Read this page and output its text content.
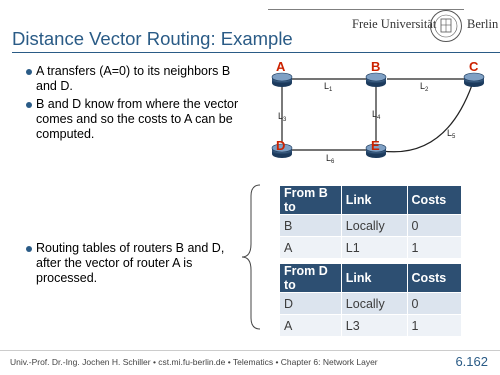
Freie Universität Berlin
Distance Vector Routing: Example
A transfers (A=0) to its neighbors B and D.
B and D know from where the vector comes and so the costs to A can be computed.
Routing tables of routers B and D, after the vector of router A is processed.
A	B	C
D	E
$L_1$	$L_2$
$L_3$
$L_4$
$L_5$
$L_6$
From B to	Link	Costs
B	Locally	0
A	L1	1
From D to	Link	Costs
D	Locally	0
A	L3	1
Univ.-Prof. Dr.-Ing. Jochen H. Schiller • cst.mi.fu-berlin.de • Telematics • Chapter 6: Network Layer	6.162
